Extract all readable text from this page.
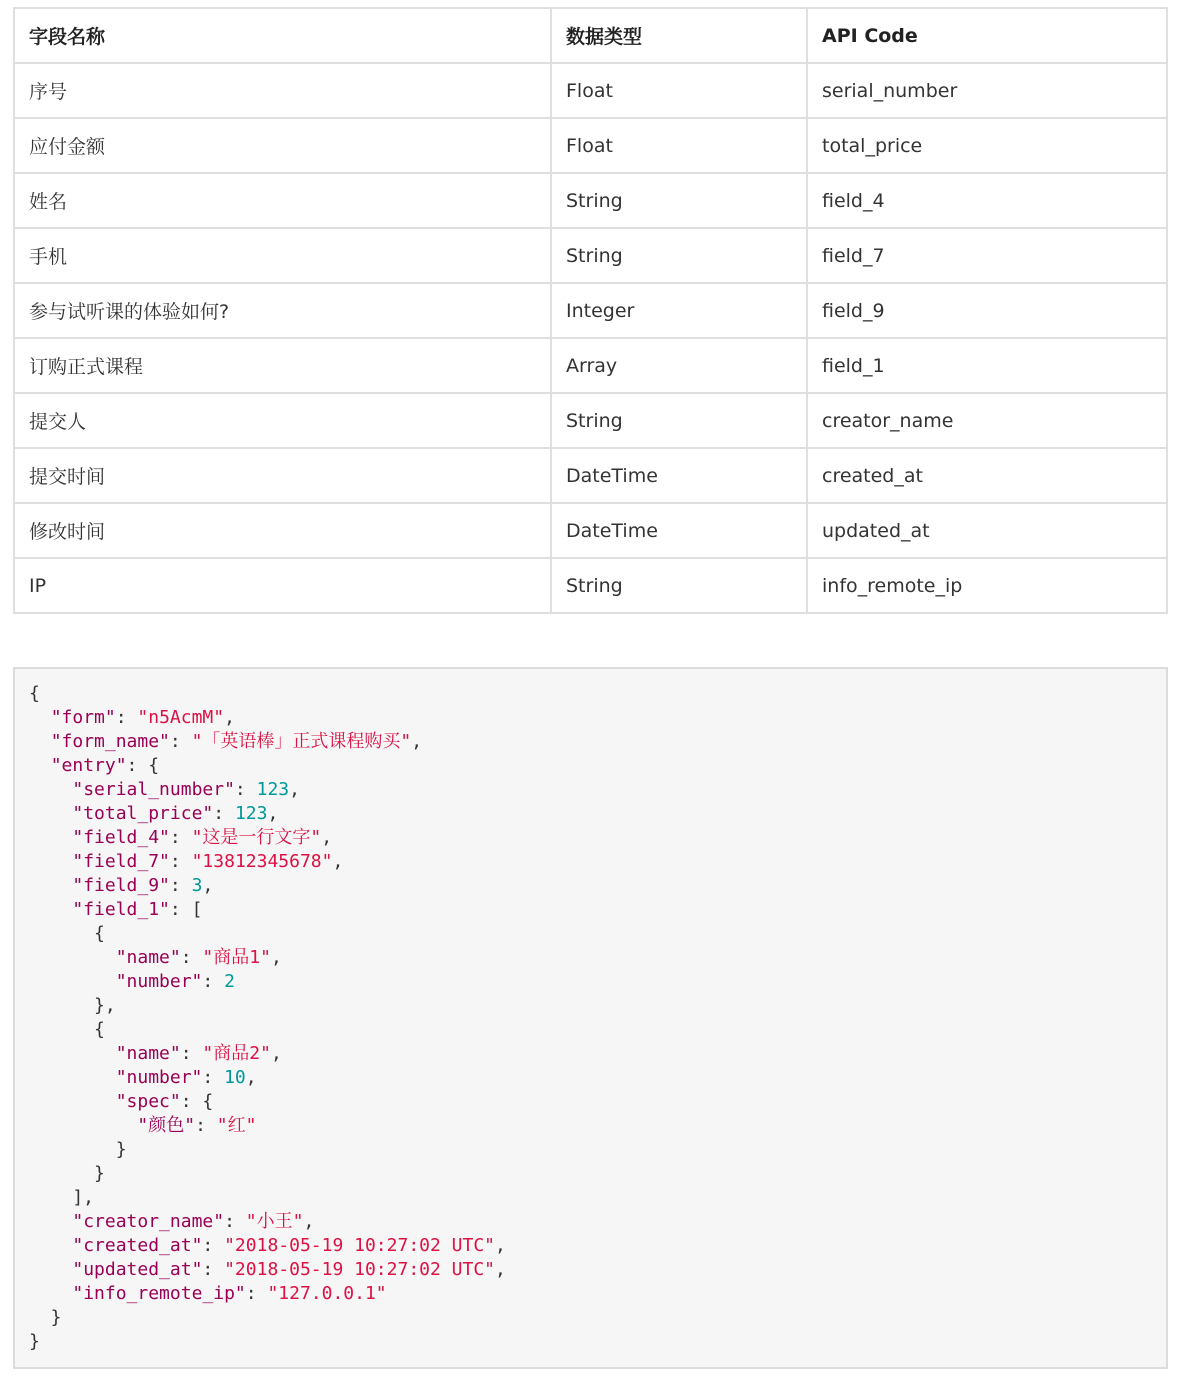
字段名称	数据类型	API Code
序号	Float	serial_number
应付金额	Float	total_price
姓名	String	field_4
手机	String	field_7
参与试听课的体验如何?	Integer	field_9
订购正式课程	Array	field_1
提交人	String	creator_name
提交时间	DateTime	created_at
修改时间	DateTime	updated_at
IP	String	info_remote_ip
{
"form": "n5AcmM",
"form_name": "「英语棒」正式课程购买",
"entry": {
"serial_number": 123,
"total_price": 123,
"field_4": "这是一行文字",
"field_7": "13812345678",
"field_9": 3,
"field_1": [
{
"name": "商品1",
"number": 2
},
{
"name": "商品2",
"number": 10,
"spec": {
"颜色": "红"
}
}
],
"creator_name": "小王",
"created_at": "2018-05-19 10:27:02 UTC",
"updated_at": "2018-05-19 10:27:02 UTC",
"info_remote_ip": "127.0.0.1"
}
}
